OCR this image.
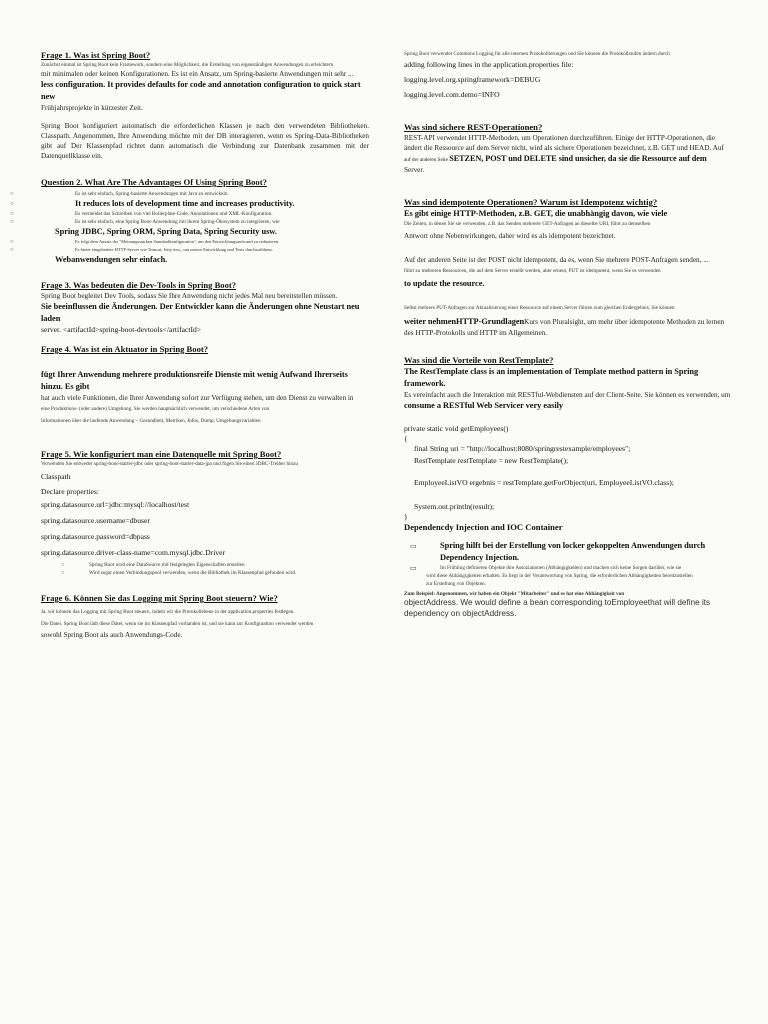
Frage 1. Was ist Spring Boot?

Zunächst einmal ist Spring Boot kein Framework, sondern eine Möglichkeit, die Erstellung von eigenständigen Anwendungen zu erleichtern

mit minimalen oder keinen Konfigurationen. Es ist ein Ansatz, um Spring-basierte Anwendungen mit sehr ...

less configuration. It provides defaults for code and annotation configuration to quick start new

Frühjahrsprojekte in kürzester Zeit.

Spring Boot konfiguriert automatisch die erforderlichen Klassen je nach den verwendeten Bibliotheken. Classpath. Angenommen, Ihre Anwendung möchte mit der DB interagieren, wenn es Spring-Data-Bibliotheken gibt auf Der Klassenpfad richtet dann automatisch die Verbindung zur Datenbank zusammen mit der Datenquellklasse ein.

Question 2. What Are The Advantages Of Using Spring Boot?
○	Es ist sehr einfach, Spring-basierte Anwendungen mit Java zu entwickeln.
○	It reduces lots of development time and increases productivity.
○	Es vermeidet das Schreiben von viel Boilerplate-Code, Annotationen und XML-Konfiguration.
○	Es ist sehr einfach, eine Spring Boot-Anwendung mit ihrem Spring-Ökosystem zu integrieren, wie

Spring JDBC, Spring ORM, Spring Data, Spring Security usw.

○	Es folgt dem Ansatz der "Meinungsstarken Standardkonfiguration", um den Entwicklungsaufwand zu reduzieren.
○	Es bietet eingebettete HTTP-Server wie Tomcat, Jetty usw., um unsere Entwicklung und Tests durchzuführen.

Webanwendungen sehr einfach.

Frage 3. Was bedeuten die Dev-Tools in Spring Boot?

Spring Boot begleitet Dev Tools, sodass Sie Ihre Anwendung nicht jedes Mal neu bereitstellen müssen.

Sie beeinflussen die Änderungen. Der Entwickler kann die Änderungen ohne Neustart neu laden

server. <artifactId>spring-boot-devtools</artifactId>

Frage 4. Was ist ein Aktuator in Spring Boot?

fügt Ihrer Anwendung mehrere produktionsreife Dienste mit wenig Aufwand Ihrerseits hinzu. Es gibt

hat auch viele Funktionen, die Ihrer Anwendung sofort zur Verfügung stehen, um den Dienst zu verwalten in

eine Produktions- (oder andere) Umgebung. Sie werden hauptsächlich verwendet, um verschiedene Arten von

Informationen über die laufende Anwendung – Gesundheit, Metriken, Infos, Dump, Umgebungsvariablen

Frage 5. Wie konfiguriert man eine Datenquelle mit Spring Boot?

Verwenden Sie entweder spring-boot-starter-jdbc oder spring-boot-starter-data-jpa und fügen Sie einen JDBC-Treiber hinzu

Classpath

Declare properties:

spring.datasource.url=jdbc:mysql://localhost/test

spring.datasource.username=dbuser

spring.datasource.password=dbpass

spring.datasource.driver-class-name=com.mysql.jdbc.Driver

○	Spring Boot wird eine DataSource mit festgelegten Eigenschaften erstellen
○	Wird sogar einen Verbindungspool verwenden, wenn die Bibliothek im Klassenpfad gefunden wird.
Frage 6. Können Sie das Logging mit Spring Boot steuern? Wie?

Ja, wir können das Logging mit Spring Boot steuern, indem wir die Protokollebene in der application.properties festlegen.

Die Datei. Spring Boot lädt diese Datei, wenn sie im Klassenpfad vorhanden ist, und sie kann zur Konfiguration verwendet werden

sowohl Spring Boot als auch Anwendungs-Code.

Spring Boot verwendet Commons Logging für alle internen Protokollierungen und Sie können die Protokollstufen ändern durch

adding following lines in the application.properties file:

logging.level.org.springframework=DEBUG

logging.level.com.demo=INFO

Was sind sichere REST-Operationen?

REST-API verwendet HTTP-Methoden, um Operationen durchzuführen. Einige der HTTP-Operationen, die

ändert die Ressource auf dem Server nicht, wird als sichere Operationen bezeichnet, z.B. GET und HEAD. Auf

auf der anderen Seite SETZEN, POST und DELETE sind unsicher, da sie die Ressource auf dem

Server.

Was sind idempotente Operationen? Warum ist Idempotenz wichtig?

Es gibt einige HTTP-Methoden, z.B. GET, die unabhängig davon, wie viele

Die Zeiten, in denen Sie sie verwenden, z.B. das Senden mehrerer GET-Anfragen an dieselbe URI, führt zu demselben

Antwort ohne Nebenwirkungen, daher wird es als idempotent bezeichnet.

Auf der anderen Seite ist der POST nicht idempotent, da es, wenn Sie mehrere POST-Anfragen senden, ...

führt zu mehreren Ressourcen, die auf dem Server erstellt werden, aber erneut, PUT ist idempotent, wenn Sie es verwenden

to update the resource.

Selbst mehrere PUT-Anfragen zur Aktualisierung einer Ressource auf einem Server führen zum gleichen Endergebnis. Sie können

weiter nehmenHTTP-GrundlagenKurs von Pluralsight, um mehr über idempotente Methoden zu lernen

des HTTP-Protokolls und HTTP im Allgemeinen.

Was sind die Vorteile von RestTemplate?

The RestTemplate class is an implementation of Template method pattern in Spring framework.

Es vereinfacht auch die Interaktion mit RESTful-Webdiensten auf der Client-Seite. Sie können es verwenden, um

consume a RESTful Web Servicer very easily

private static void getEmployees()

{

final String uri = "http://localhost:8080/springrestexample/employees";

RestTemplate restTemplate = new RestTemplate();

EmployeeListVO ergebnis = restTemplate.getForObject(uri, EmployeeListVO.class);

System.out.println(result);

}

Dependencdy Injection and IOC Container
▭	Spring hilft bei der Erstellung von locker gekoppelten Anwendungen durch Dependency Injection.
▭	Im Frühling definieren Objekte ihre Assoziationen (Abhängigkeiten) und machen sich keine Sorgen darüber, wie sie

wird diese Abhängigkeiten erhalten. Es liegt in der Verantwortung von Spring, die erforderlichen Abhängigkeiten bereitzustellen

zur Erstellung von Objekten.

Zum Beispiel: Angenommen, wir haben ein Objekt "Mitarbeiter" und es hat eine Abhängigkeit von

objectAddress. We would define a bean corresponding toEmployeethat will define its

dependency on objectAddress.
